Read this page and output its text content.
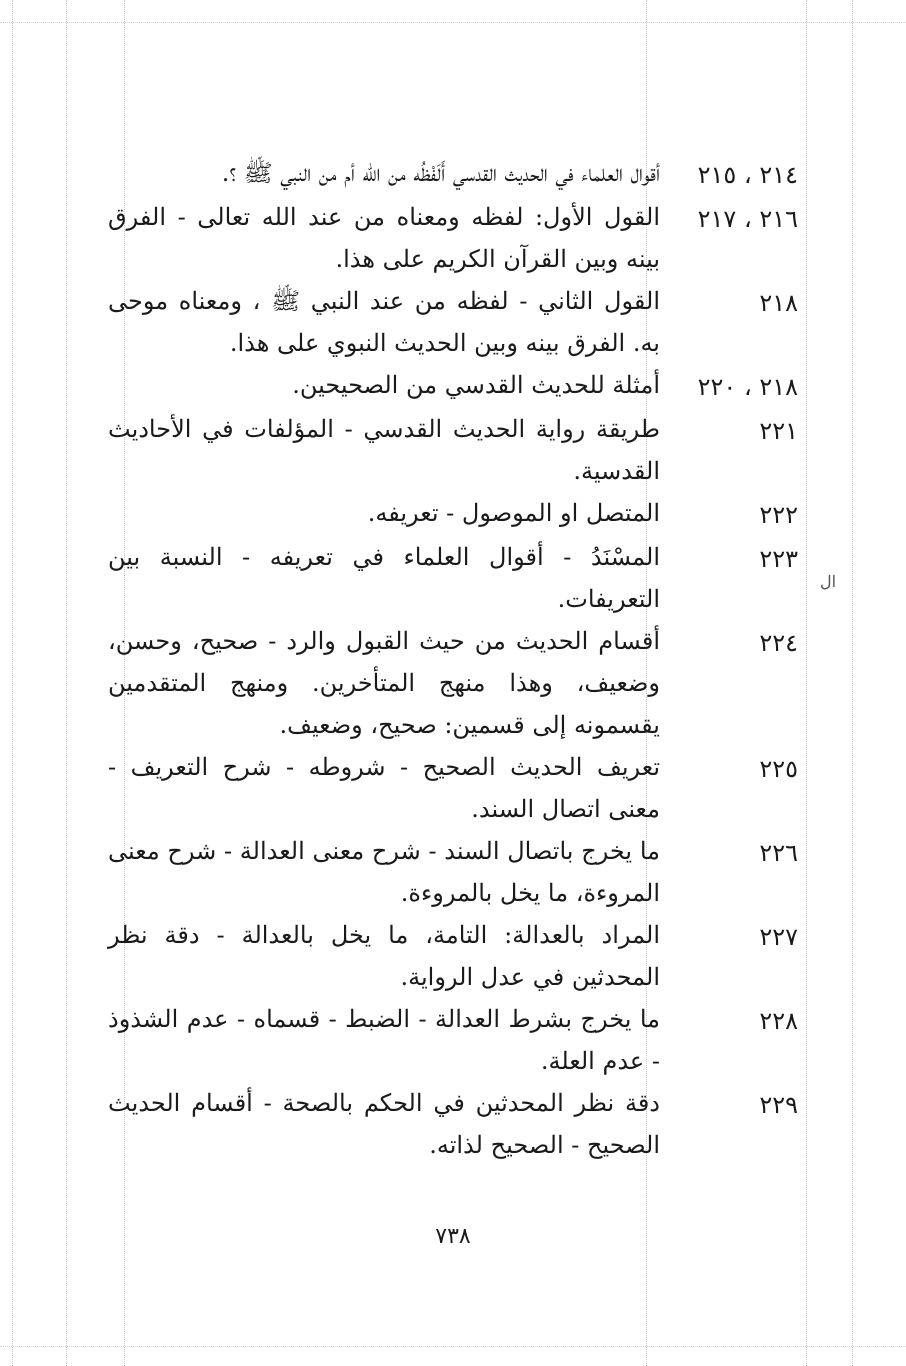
٢١٤ ، ٢١٥
أقوال العلماء في الحديث القدسي أَلَفْظُه من الله أم من النبي ﷺ ؟.
٢١٦ ، ٢١٧
القول الأول: لفظه ومعناه من عند الله تعالى - الفرق بينه وبين القرآن الكريم على هذا.
٢١٨
القول الثاني - لفظه من عند النبي ﷺ ، ومعناه موحى به. الفرق بينه وبين الحديث النبوي على هذا.
٢١٨ ، ٢٢٠
أمثلة للحديث القدسي من الصحيحين.
٢٢١
طريقة رواية الحديث القدسي - المؤلفات في الأحاديث القدسية.
٢٢٢
المتصل او الموصول - تعريفه.
٢٢٣
المسْنَدُ - أقوال العلماء في تعريفه - النسبة بين التعريفات.
٢٢٤
أقسام الحديث من حيث القبول والرد - صحيح، وحسن، وضعيف، وهذا منهج المتأخرين. ومنهج المتقدمين يقسمونه إلى قسمين: صحيح، وضعيف.
٢٢٥
تعريف الحديث الصحيح - شروطه - شرح التعريف - معنى اتصال السند.
٢٢٦
ما يخرج باتصال السند - شرح معنى العدالة - شرح معنى المروءة، ما يخل بالمروءة.
٢٢٧
المراد بالعدالة: التامة، ما يخل بالعدالة - دقة نظر المحدثين في عدل الرواية.
٢٢٨
ما يخرج بشرط العدالة - الضبط - قسماه - عدم الشذوذ - عدم العلة.
٢٢٩
دقة نظر المحدثين في الحكم بالصحة - أقسام الحديث الصحيح - الصحيح لذاته.
ال
٧٣٨
